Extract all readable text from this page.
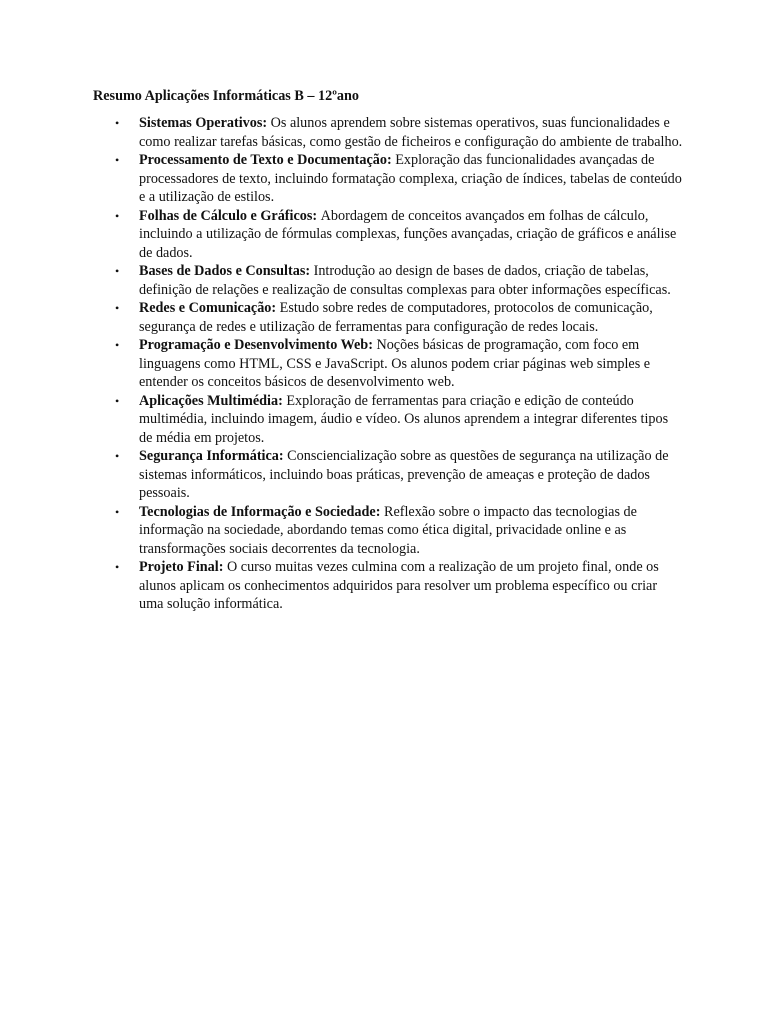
Resumo Aplicações Informáticas B – 12ºano
• Sistemas Operativos: Os alunos aprendem sobre sistemas operativos, suas funcionalidades e como realizar tarefas básicas, como gestão de ficheiros e configuração do ambiente de trabalho.
• Processamento de Texto e Documentação: Exploração das funcionalidades avançadas de processadores de texto, incluindo formatação complexa, criação de índices, tabelas de conteúdo e a utilização de estilos.
• Folhas de Cálculo e Gráficos: Abordagem de conceitos avançados em folhas de cálculo, incluindo a utilização de fórmulas complexas, funções avançadas, criação de gráficos e análise de dados.
• Bases de Dados e Consultas: Introdução ao design de bases de dados, criação de tabelas, definição de relações e realização de consultas complexas para obter informações específicas.
• Redes e Comunicação: Estudo sobre redes de computadores, protocolos de comunicação, segurança de redes e utilização de ferramentas para configuração de redes locais.
• Programação e Desenvolvimento Web: Noções básicas de programação, com foco em linguagens como HTML, CSS e JavaScript. Os alunos podem criar páginas web simples e entender os conceitos básicos de desenvolvimento web.
• Aplicações Multimédia: Exploração de ferramentas para criação e edição de conteúdo multimédia, incluindo imagem, áudio e vídeo. Os alunos aprendem a integrar diferentes tipos de média em projetos.
• Segurança Informática: Consciencialização sobre as questões de segurança na utilização de sistemas informáticos, incluindo boas práticas, prevenção de ameaças e proteção de dados pessoais.
• Tecnologias de Informação e Sociedade: Reflexão sobre o impacto das tecnologias de informação na sociedade, abordando temas como ética digital, privacidade online e as transformações sociais decorrentes da tecnologia.
• Projeto Final: O curso muitas vezes culmina com a realização de um projeto final, onde os alunos aplicam os conhecimentos adquiridos para resolver um problema específico ou criar uma solução informática.
